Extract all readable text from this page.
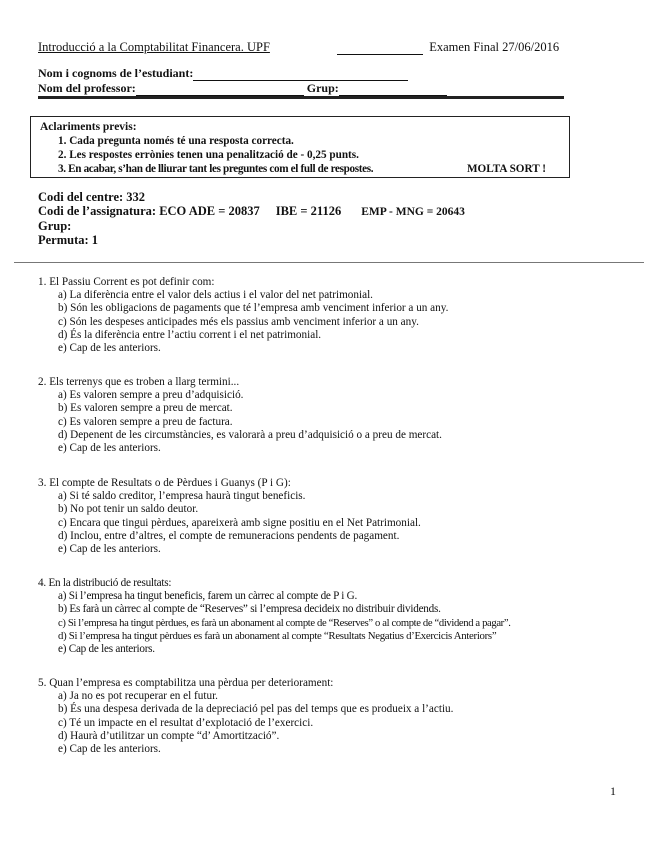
Introducció a la Comptabilitat Financera. UPF	Examen Final 27/06/2016
Nom i cognoms de l’estudiant:
Nom del professor:	Grup:
Aclariments previs:
1. Cada pregunta només té una resposta correcta.
2. Les respostes errònies tenen una penalització de - 0,25 punts.
3. En acabar, s’han de lliurar tant les preguntes com el full de respostes.	MOLTA SORT !
Codi del centre: 332
Codi de l’assignatura: ECO ADE = 20837 IBE = 21126 EMP - MNG = 20643
Grup:
Permuta: 1
1. El Passiu Corrent es pot definir com:
a) La diferència entre el valor dels actius i el valor del net patrimonial.
b) Són les obligacions de pagaments que té l’empresa amb venciment inferior a un any.
c) Són les despeses anticipades més els passius amb venciment inferior a un any.
d) És la diferència entre l’actiu corrent i el net patrimonial.
e) Cap de les anteriors.
2. Els terrenys que es troben a llarg termini...
a) Es valoren sempre a preu d’adquisició.
b) Es valoren sempre a preu de mercat.
c) Es valoren sempre a preu de factura.
d) Depenent de les circumstàncies, es valorarà a preu d’adquisició o a preu de mercat.
e) Cap de les anteriors.
3. El compte de Resultats o de Pèrdues i Guanys (P i G):
a) Si té saldo creditor, l’empresa haurà tingut beneficis.
b) No pot tenir un saldo deutor.
c) Encara que tingui pèrdues, apareixerà amb signe positiu en el Net Patrimonial.
d) Inclou, entre d’altres, el compte de remuneracions pendents de pagament.
e) Cap de les anteriors.
4. En la distribució de resultats:
a) Si l’empresa ha tingut beneficis, farem un càrrec al compte de P i G.
b) Es farà un càrrec al compte de “Reserves” si l’empresa decideix no distribuir dividends.
c) Si l’empresa ha tingut pèrdues, es farà un abonament al compte de “Reserves” o al compte de “dividend a pagar”.
d) Si l’empresa ha tingut pèrdues es farà un abonament al compte “Resultats Negatius d’Exercicis Anteriors”
e) Cap de les anteriors.
5. Quan l’empresa es comptabilitza una pèrdua per deteriorament:
a) Ja no es pot recuperar en el futur.
b) És una despesa derivada de la depreciació pel pas del temps que es produeix a l’actiu.
c) Té un impacte en el resultat d’explotació de l’exercici.
d) Haurà d’utilitzar un compte “d’ Amortització”.
e) Cap de les anteriors.
1
